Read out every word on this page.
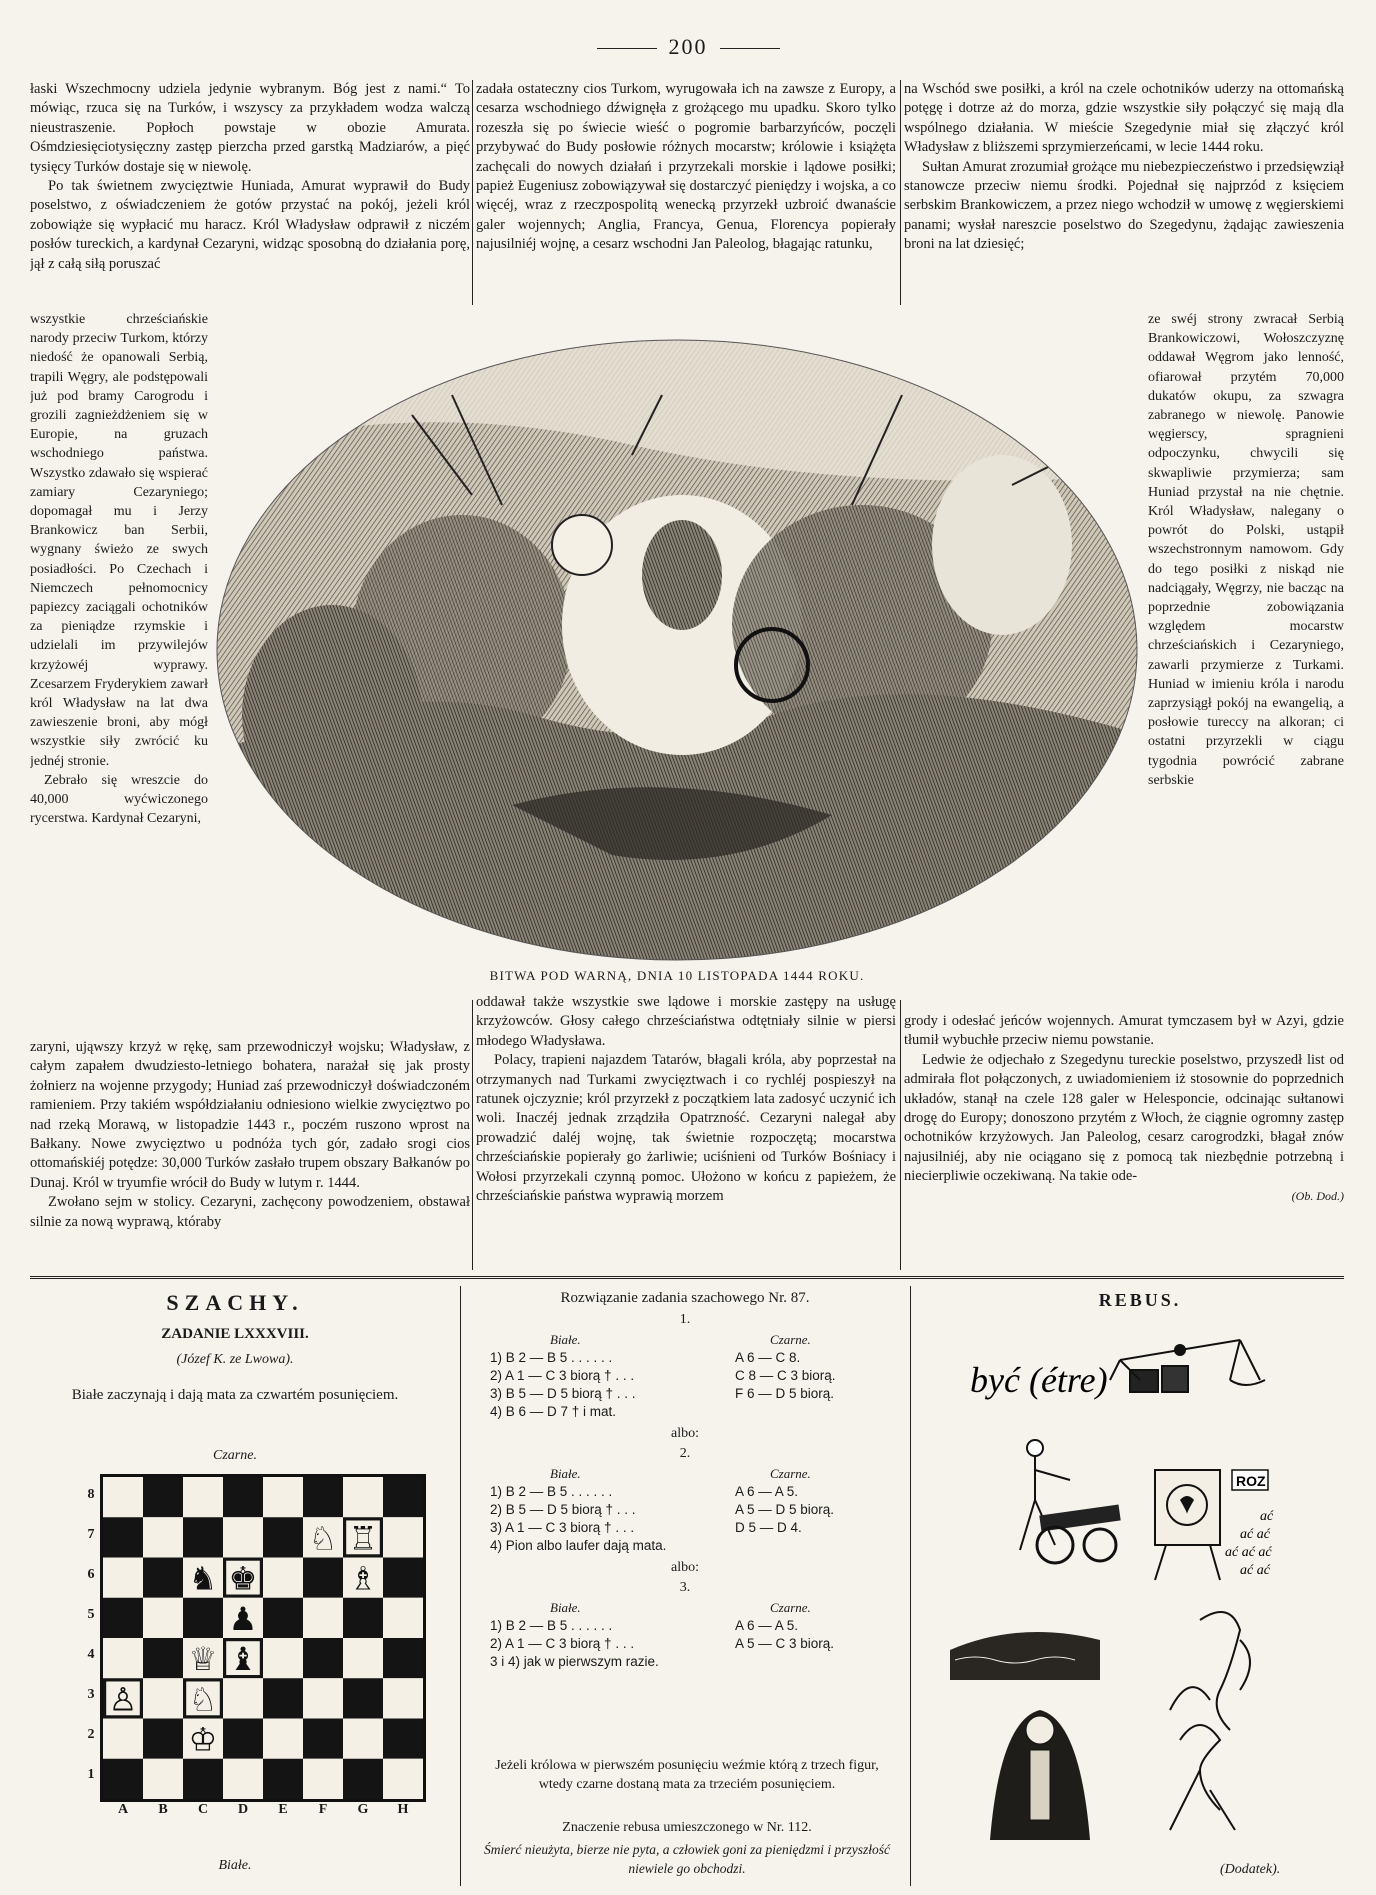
200

łaski Wszechmocny udziela jedynie wybranym. Bóg jest z nami.“ To mówiąc, rzuca się na Turków, i wszyscy za przykładem wodza walczą nieustraszenie. Popłoch powstaje w obozie Amurata. Ośmdziesięciotysięczny zastęp pierzcha przed garstką Madziarów, a pięć tysięcy Turków dostaje się w niewolę.

Po tak świetnem zwycięztwie Huniada, Amurat wyprawił do Budy poselstwo, z oświadczeniem że gotów przystać na pokój, jeżeli król zobowiąże się wypłacić mu haracz. Król Władysław odprawił z niczém posłów tureckich, a kardynał Cezaryni, widząc sposobną do działania porę, jął z całą siłą poruszać

zadała ostateczny cios Turkom, wyrugowała ich na zawsze z Europy, a cesarza wschodniego dźwignęła z grożącego mu upadku. Skoro tylko rozeszła się po świecie wieść o pogromie barbarzyńców, poczęli przybywać do Budy posłowie różnych mocarstw; królowie i książęta zachęcali do nowych działań i przyrzekali morskie i lądowe posiłki; papież Eugeniusz zobowiązywał się dostarczyć pieniędzy i wojska, a co więcéj, wraz z rzeczpospolitą wenecką przyrzekł uzbroić dwanaście galer wojennych; Anglia, Francya, Genua, Florencya popierały najusilniéj wojnę, a cesarz wschodni Jan Paleolog, błagając ratunku,

na Wschód swe posiłki, a król na czele ochotników uderzy na ottomańską potęgę i dotrze aż do morza, gdzie wszystkie siły połączyć się mają dla wspólnego działania. W mieście Szegedynie miał się złączyć król Władysław z bliższemi sprzymierzeńcami, w lecie 1444 roku.

Sułtan Amurat zrozumiał grożące mu niebezpieczeństwo i przedsięwziął stanowcze przeciw niemu środki. Pojednał się najprzód z księciem serbskim Brankowiczem, a przez niego wchodził w umowę z węgierskiemi panami; wysłał nareszcie poselstwo do Szegedynu, żądając zawieszenia broni na lat dziesięć;

wszystkie chrześciańskie narody przeciw Turkom, którzy niedość że opanowali Serbią, trapili Węgry, ale podstępowali już pod bramy Carogrodu i grozili zagnieżdżeniem się w Europie, na gruzach wschodniego państwa. Wszystko zdawało się wspierać zamiary Cezaryniego; dopomagał mu i Jerzy Brankowicz ban Serbii, wygnany świeżo ze swych posiadłości. Po Czechach i Niemczech pełnomocnicy papiezcy zaciągali ochotników za pieniądze rzymskie i udzielali im przywilejów krzyżowéj wyprawy. Zcesarzem Fryderykiem zawarł król Władysław na lat dwa zawieszenie broni, aby mógł wszystkie siły zwrócić ku jednéj stronie.

Zebrało się wreszcie do 40,000 wyćwiczonego rycerstwa. Kardynał Cezaryni,

ze swéj strony zwracał Serbią Brankowiczowi, Wołoszczyznę oddawał Węgrom jako lenność, ofiarował przytém 70,000 dukatów okupu, za szwagra zabranego w niewolę. Panowie węgierscy, spragnieni odpoczynku, chwycili się skwapliwie przymierza; sam Huniad przystał na nie chętnie. Król Władysław, nalegany o powrót do Polski, ustąpił wszechstronnym namowom. Gdy do tego posiłki z niskąd nie nadciągały, Węgrzy, nie bacząc na poprzednie zobowiązania względem mocarstw chrześciańskich i Cezaryniego, zawarli przymierze z Turkami. Huniad w imieniu króla i narodu zaprzysiągł pokój na ewangelią, a posłowie tureccy na alkoran; ci ostatni przyrzekli w ciągu tygodnia powrócić zabrane serbskie

BITWA POD WARNĄ, DNIA 10 LISTOPADA 1444 ROKU.

zaryni, ująwszy krzyż w rękę, sam przewodniczył wojsku; Władysław, z całym zapałem dwudziesto-letniego bohatera, narażał się jak prosty żołnierz na wojenne przygody; Huniad zaś przewodniczył doświadczoném ramieniem. Przy takiém współdziałaniu odniesiono wielkie zwycięztwo po nad rzeką Morawą, w listopadzie 1443 r., poczém ruszono wprost na Bałkany. Nowe zwycięztwo u podnóża tych gór, zadało srogi cios ottomańskiéj potędze: 30,000 Turków zasłało trupem obszary Bałkanów po Dunaj. Król w tryumfie wrócił do Budy w lutym r. 1444.

Zwołano sejm w stolicy. Cezaryni, zachęcony powodzeniem, obstawał silnie za nową wyprawą, któraby

oddawał także wszystkie swe lądowe i morskie zastępy na usługę krzyżowców. Głosy całego chrześciaństwa odtętniały silnie w piersi młodego Władysława.

Polacy, trapieni najazdem Tatarów, błagali króla, aby poprzestał na otrzymanych nad Turkami zwycięztwach i co rychléj pospieszył na ratunek ojczyznie; król przyrzekł z początkiem lata zadosyć uczynić ich woli. Inaczéj jednak zrządziła Opatrzność. Cezaryni nalegał aby prowadzić daléj wojnę, tak świetnie rozpoczętą; mocarstwa chrześciańskie popierały go żarliwie; uciśnieni od Turków Bośniacy i Wołosi przyrzekali czynną pomoc. Ułożono w końcu z papieżem, że chrześciańskie państwa wyprawią morzem

grody i odesłać jeńców wojennych. Amurat tymczasem był w Azyi, gdzie tłumił wybuchłe przeciw niemu powstanie.

Ledwie że odjechało z Szegedynu tureckie poselstwo, przyszedł list od admirała flot połączonych, z uwiadomieniem iż stosownie do poprzednich układów, stanął na czele 128 galer w Helesponcie, odcinając sułtanowi drogę do Europy; donoszono przytém z Włoch, że ciągnie ogromny zastęp ochotników krzyżowych. Jan Paleolog, cesarz carogrodzki, błagał znów najusilniéj, aby nie ociągano się z pomocą tak niezbędnie potrzebną i niecierpliwie oczekiwaną. Na takie ode-

(Ob. Dod.)
SZACHY.
ZADANIE LXXXVIII.
(Józef K. ze Lwowa).
Białe zaczynają i dają mata za czwartém posunięciem.
Czarne.
8
7
6
5
4
3
2
1
A	B	C	D	E	F	G	H
Białe.
Rozwiązanie zadania szachowego Nr. 87.
1.
Białe.	Czarne.
1) B 2 — B 5 . . . . . .	A 6 — C 8.
2) A 1 — C 3 biorą † . . .	C 8 — C 3 biorą.
3) B 5 — D 5 biorą † . . .	F 6 — D 5 biorą.
4) B 6 — D 7 † i mat.
albo:
2.
Białe.	Czarne.
1) B 2 — B 5 . . . . . .	A 6 — A 5.
2) B 5 — D 5 biorą † . . .	A 5 — D 5 biorą.
3) A 1 — C 3 biorą † . . .	D 5 — D 4.
4) Pion albo laufer dają mata.
albo:
3.
Białe.	Czarne.
1) B 2 — B 5 . . . . . .	A 6 — A 5.
2) A 1 — C 3 biorą † . . .	A 5 — C 3 biorą.
3 i 4) jak w pierwszym razie.
Jeżeli królowa w pierwszém posunięciu weźmie którą z trzech figur, wtedy czarne dostaną mata za trzeciém posunięciem.
Znaczenie rebusa umieszczonego w Nr. 112.
Śmierć nieużyta, bierze nie pyta, a człowiek goni za pieniędzmi i przyszłość niewiele go obchodzi.
REBUS.
być (étre)
ROZ
ać
ać ać
ać ać ać
ać ać
(Dodatek).
